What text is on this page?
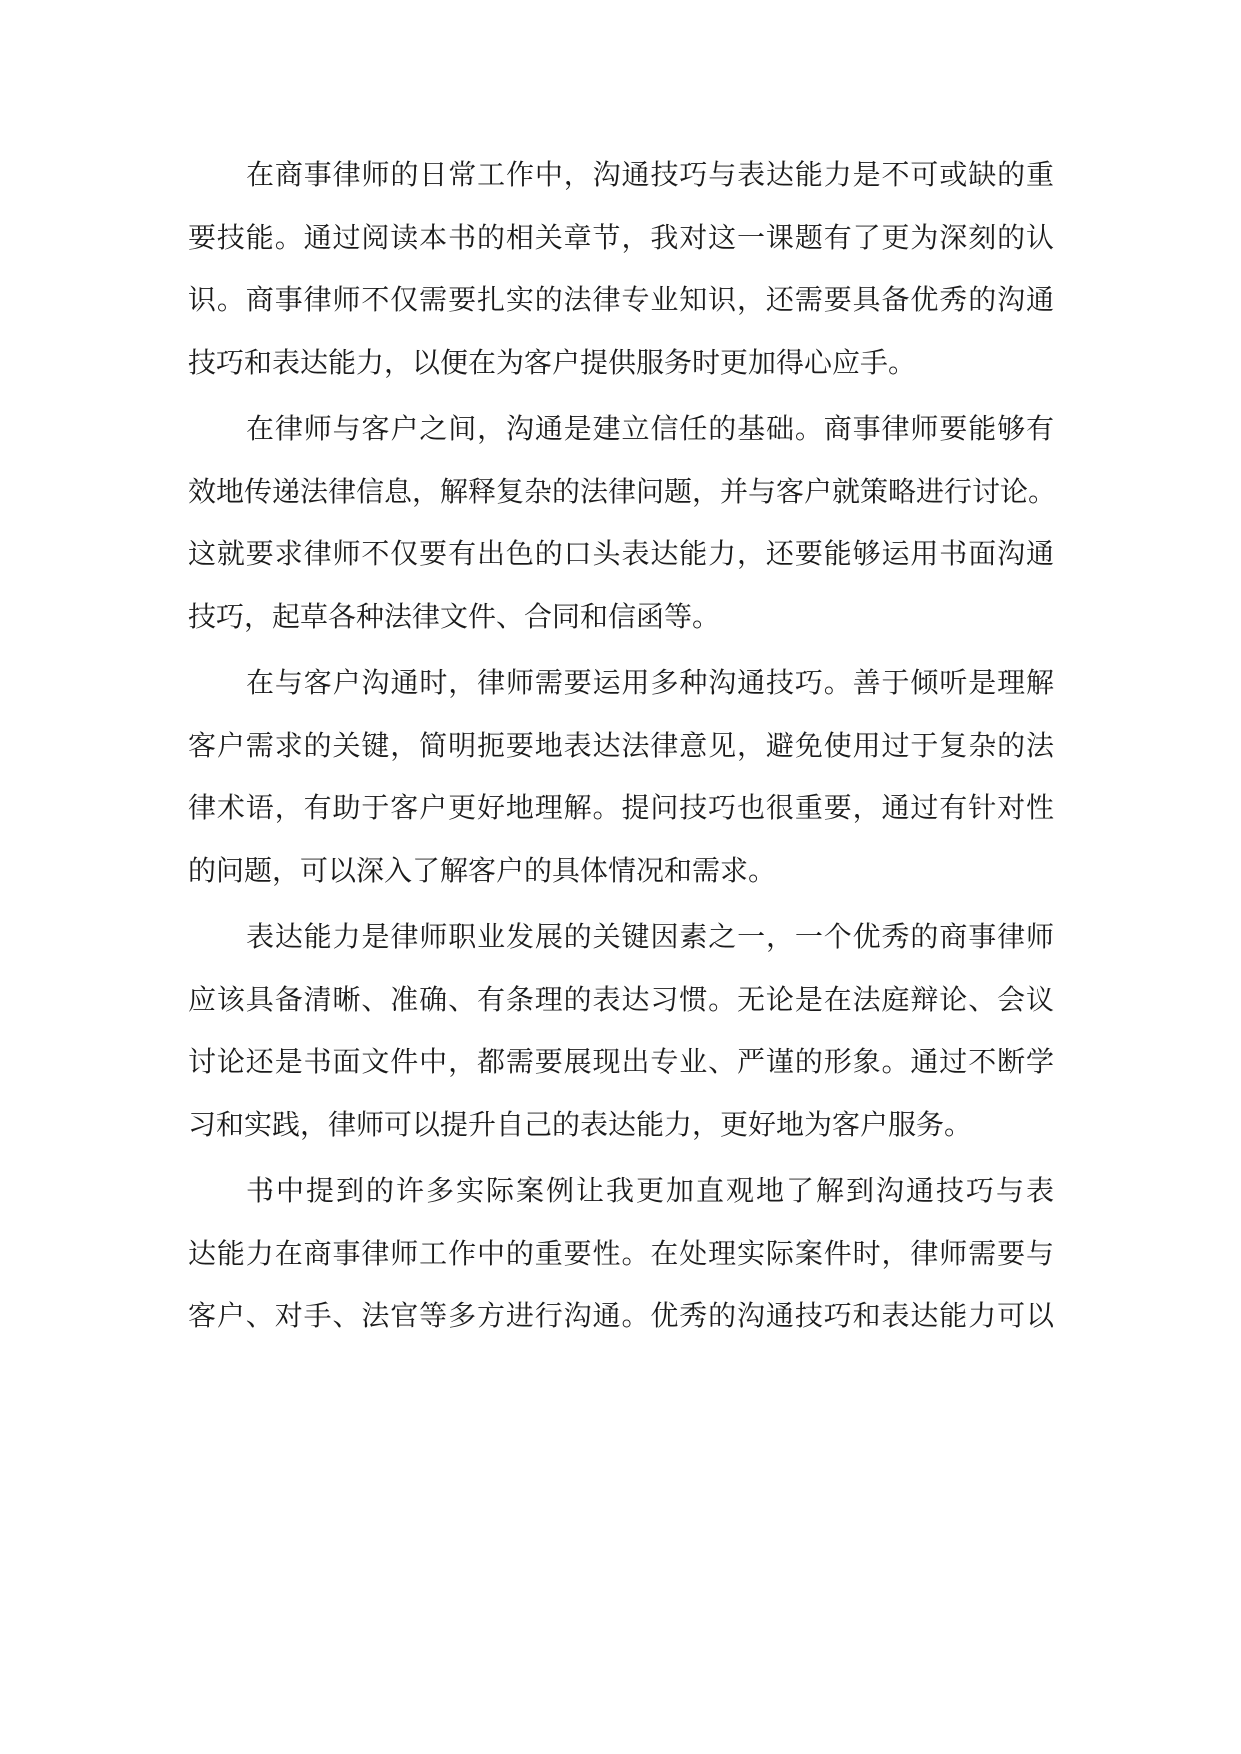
在商事律师的日常工作中，沟通技巧与表达能力是不可或缺的重
要技能。通过阅读本书的相关章节，我对这一课题有了更为深刻的认
识。商事律师不仅需要扎实的法律专业知识，还需要具备优秀的沟通
技巧和表达能力，以便在为客户提供服务时更加得心应手。

在律师与客户之间，沟通是建立信任的基础。商事律师要能够有
效地传递法律信息，解释复杂的法律问题，并与客户就策略进行讨论。
这就要求律师不仅要有出色的口头表达能力，还要能够运用书面沟通
技巧，起草各种法律文件、合同和信函等。

在与客户沟通时，律师需要运用多种沟通技巧。善于倾听是理解
客户需求的关键，简明扼要地表达法律意见，避免使用过于复杂的法
律术语，有助于客户更好地理解。提问技巧也很重要，通过有针对性
的问题，可以深入了解客户的具体情况和需求。

表达能力是律师职业发展的关键因素之一，一个优秀的商事律师
应该具备清晰、准确、有条理的表达习惯。无论是在法庭辩论、会议
讨论还是书面文件中，都需要展现出专业、严谨的形象。通过不断学
习和实践，律师可以提升自己的表达能力，更好地为客户服务。

书中提到的许多实际案例让我更加直观地了解到沟通技巧与表
达能力在商事律师工作中的重要性。在处理实际案件时，律师需要与
客户、对手、法官等多方进行沟通。优秀的沟通技巧和表达能力可以
